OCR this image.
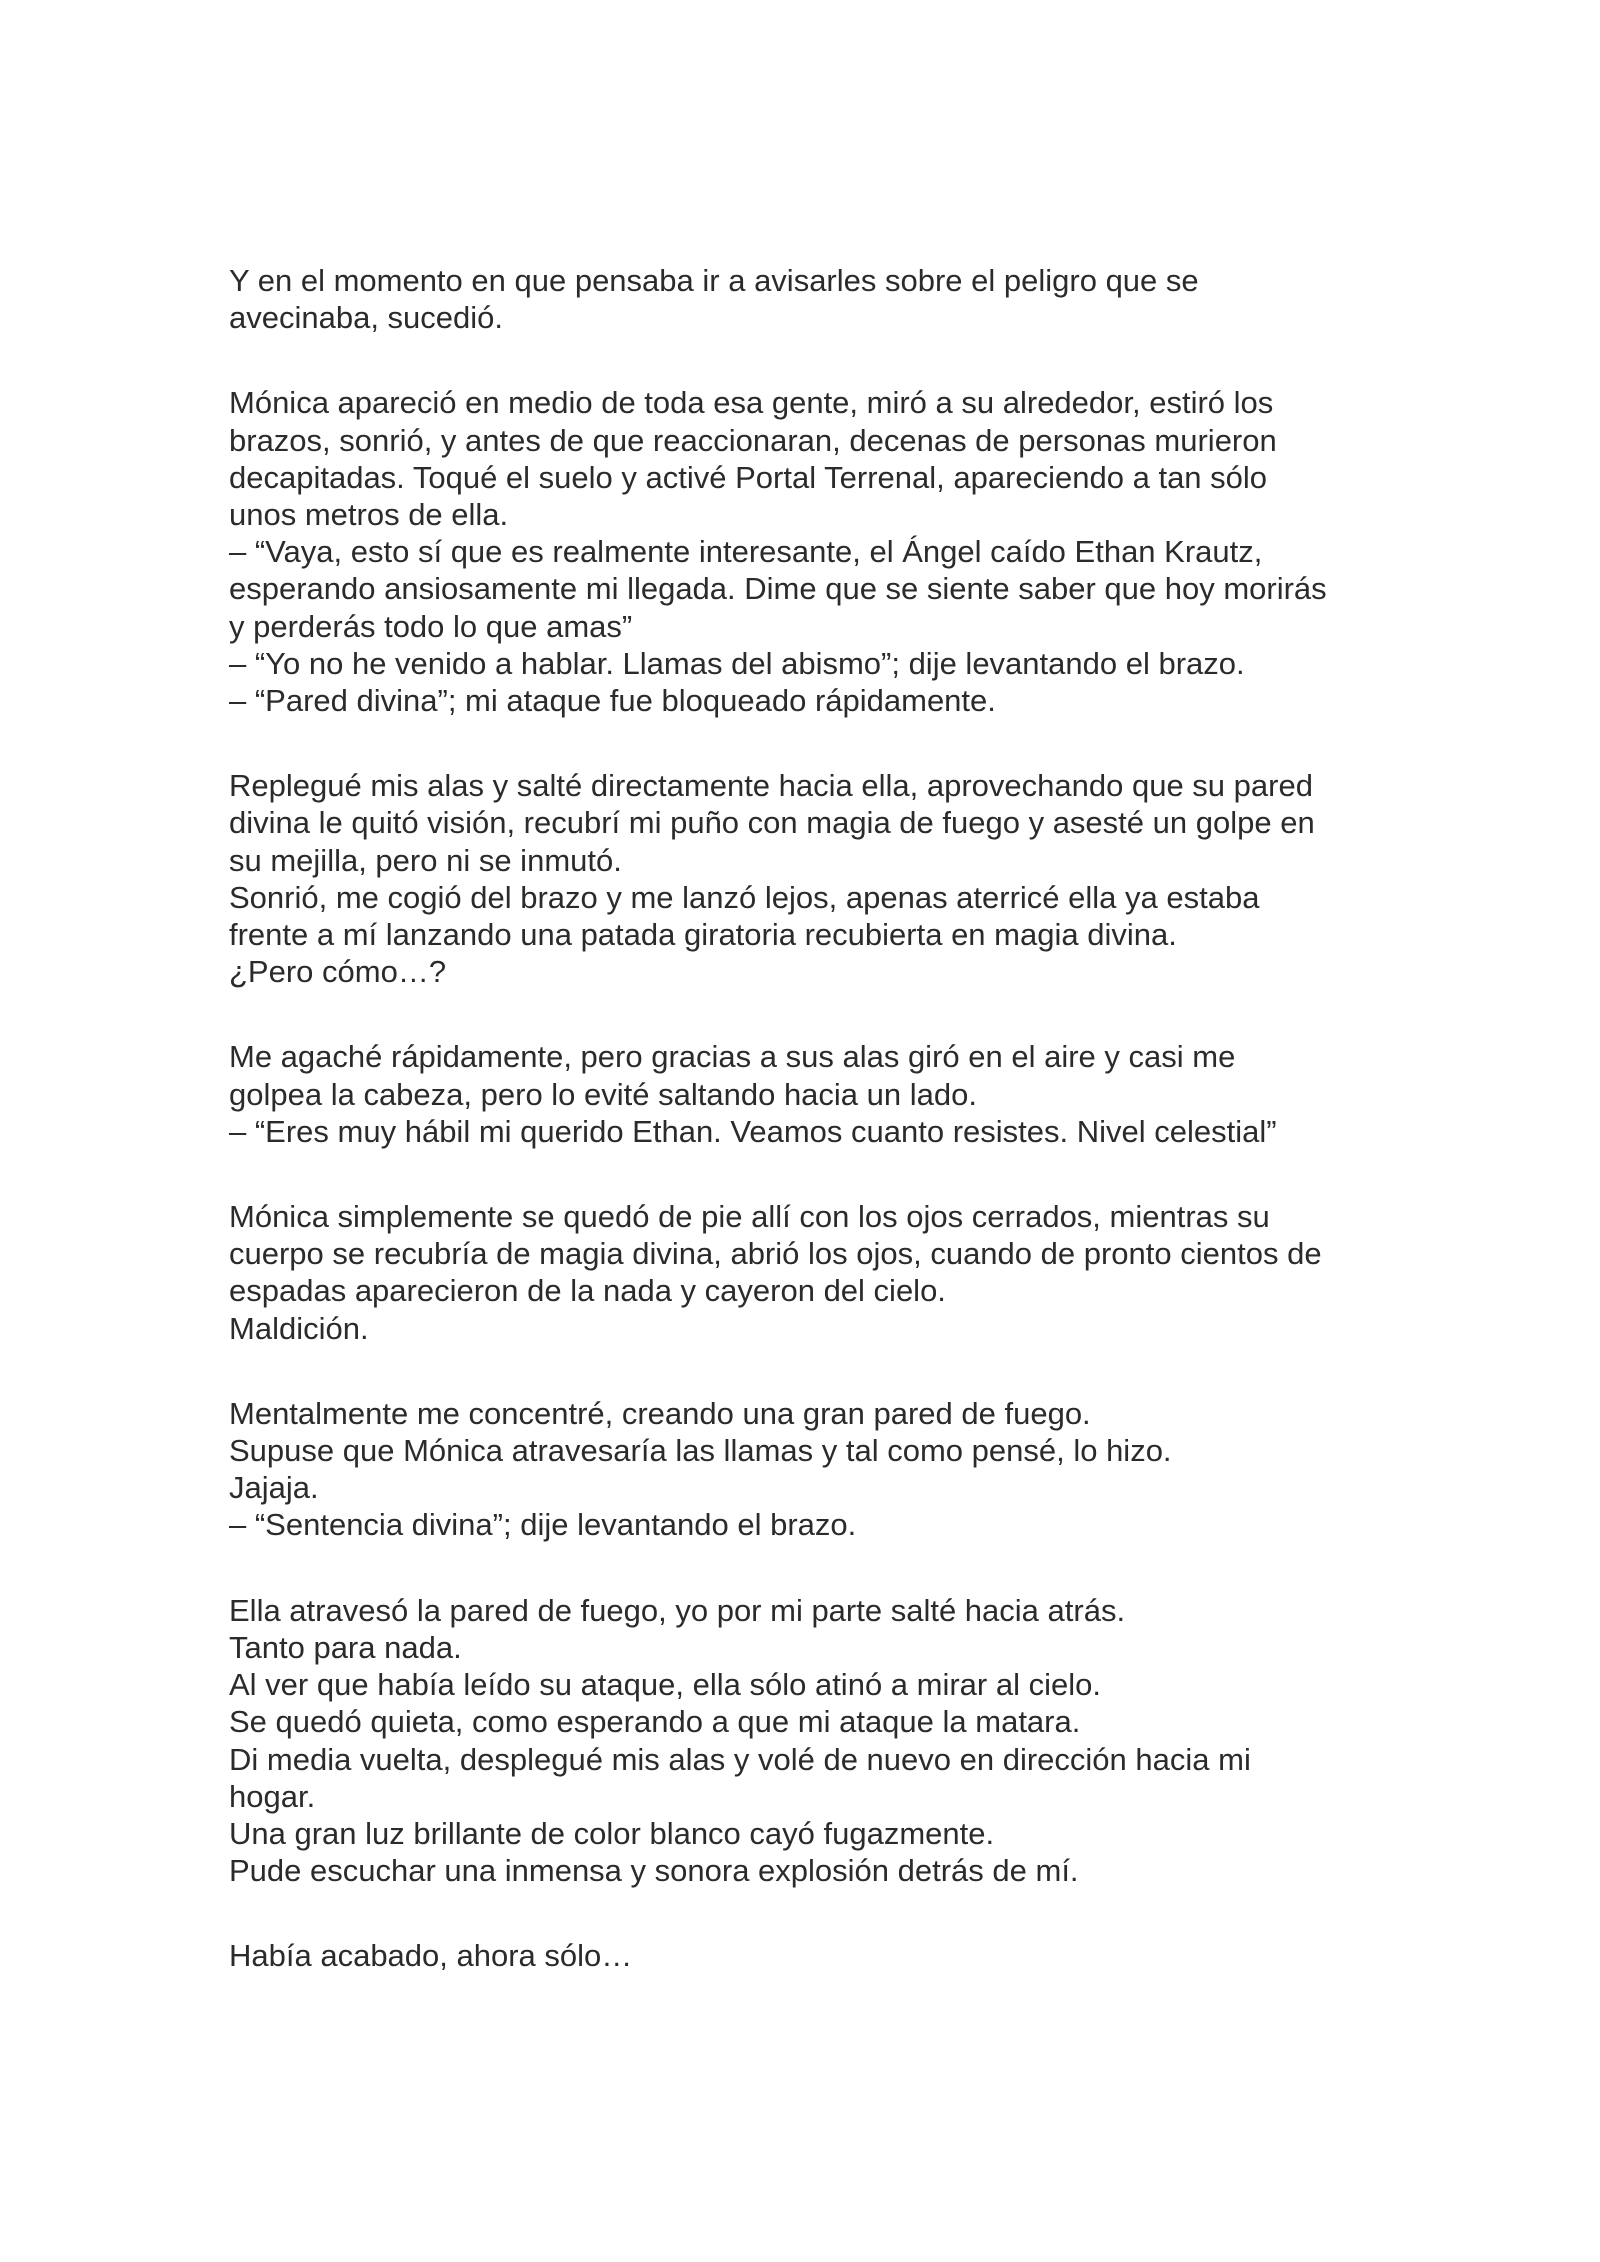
Y en el momento en que pensaba ir a avisarles sobre el peligro que se
avecinaba, sucedió.

Mónica apareció en medio de toda esa gente, miró a su alrededor, estiró los
brazos, sonrió, y antes de que reaccionaran, decenas de personas murieron
decapitadas. Toqué el suelo y activé Portal Terrenal, apareciendo a tan sólo
unos metros de ella.
– “Vaya, esto sí que es realmente interesante, el Ángel caído Ethan Krautz,
esperando ansiosamente mi llegada. Dime que se siente saber que hoy morirás
y perderás todo lo que amas”
– “Yo no he venido a hablar. Llamas del abismo”; dije levantando el brazo.
– “Pared divina”; mi ataque fue bloqueado rápidamente.

Replegué mis alas y salté directamente hacia ella, aprovechando que su pared
divina le quitó visión, recubrí mi puño con magia de fuego y asesté un golpe en
su mejilla, pero ni se inmutó.
Sonrió, me cogió del brazo y me lanzó lejos, apenas aterricé ella ya estaba
frente a mí lanzando una patada giratoria recubierta en magia divina.
¿Pero cómo…?

Me agaché rápidamente, pero gracias a sus alas giró en el aire y casi me
golpea la cabeza, pero lo evité saltando hacia un lado.
– “Eres muy hábil mi querido Ethan. Veamos cuanto resistes. Nivel celestial”

Mónica simplemente se quedó de pie allí con los ojos cerrados, mientras su
cuerpo se recubría de magia divina, abrió los ojos, cuando de pronto cientos de
espadas aparecieron de la nada y cayeron del cielo.
Maldición.

Mentalmente me concentré, creando una gran pared de fuego.
Supuse que Mónica atravesaría las llamas y tal como pensé, lo hizo.
Jajaja.
– “Sentencia divina”; dije levantando el brazo.

Ella atravesó la pared de fuego, yo por mi parte salté hacia atrás.
Tanto para nada.
Al ver que había leído su ataque, ella sólo atinó a mirar al cielo.
Se quedó quieta, como esperando a que mi ataque la matara.
Di media vuelta, desplegué mis alas y volé de nuevo en dirección hacia mi
hogar.
Una gran luz brillante de color blanco cayó fugazmente.
Pude escuchar una inmensa y sonora explosión detrás de mí.

Había acabado, ahora sólo…
